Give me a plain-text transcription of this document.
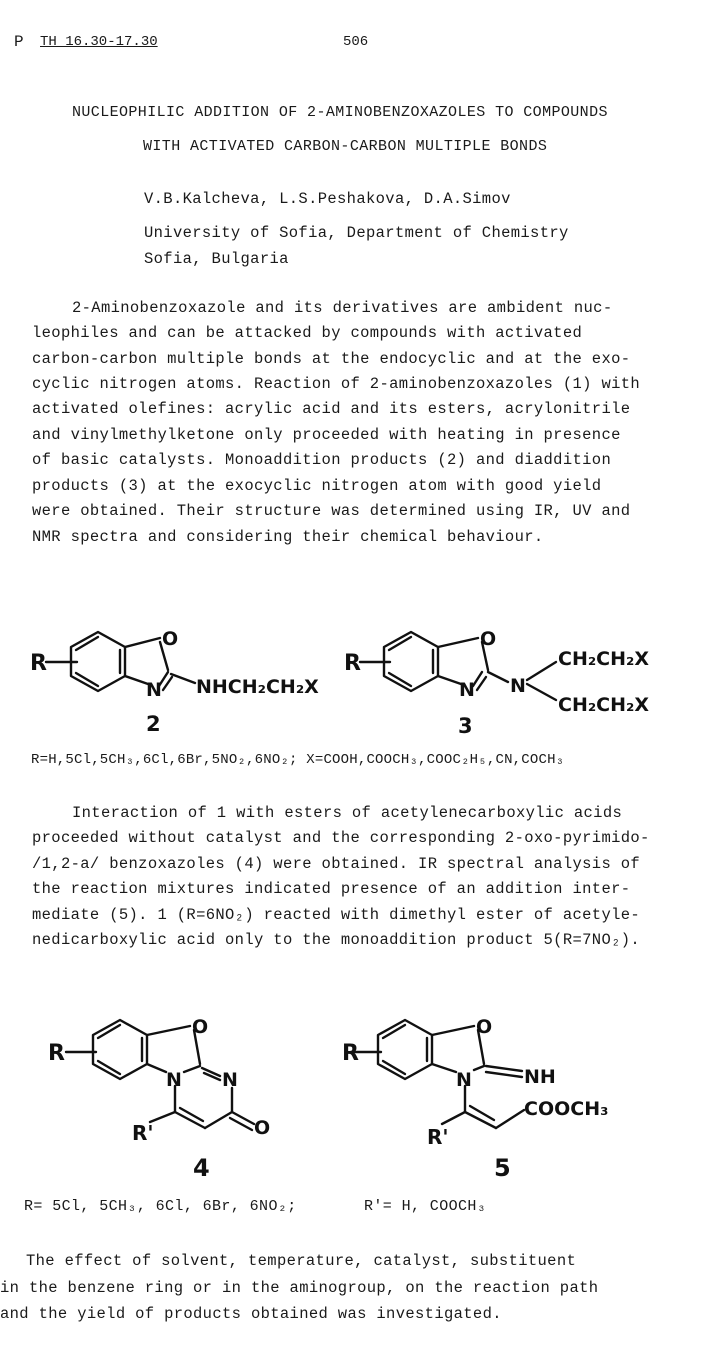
P TH 16.30-17.30	506
NUCLEOPHILIC ADDITION OF 2-AMINOBENZOXAZOLES TO COMPOUNDS
WITH ACTIVATED CARBON-CARBON MULTIPLE BONDS
V.B.Kalcheva, L.S.Peshakova, D.A.Simov
University of Sofia, Department of Chemistry
Sofia, Bulgaria
2-Aminobenzoxazole and its derivatives are ambident nuc-
leophiles and can be attacked by compounds with activated
carbon-carbon multiple bonds at the endocyclic and at the exo-
cyclic nitrogen atoms. Reaction of 2-aminobenzoxazoles (1) with
activated olefines: acrylic acid and its esters, acrylonitrile
and vinylmethylketone only proceeded with heating in presence
of basic catalysts. Monoaddition products (2) and diaddition
products (3) at the exocyclic nitrogen atom with good yield
were obtained. Their structure was determined using IR, UV and
NMR spectra and considering their chemical behaviour.
R
O
N NHCH₂CH₂X
2
R
O
N N
CH₂CH₂X
CH₂CH₂X
3
R=H,5Cl,5CH₃,6Cl,6Br,5NO₂,6NO₂; X=COOH,COOCH₃,COOC₂H₅,CN,COCH₃
Interaction of 1 with esters of acetylenecarboxylic acids
proceeded without catalyst and the corresponding 2-oxo-pyrimido-
/1,2-a/ benzoxazoles (4) were obtained. IR spectral analysis of
the reaction mixtures indicated presence of an addition inter-
mediate (5). 1 (R=6NO₂) reacted with dimethyl ester of acetyle-
nedicarboxylic acid only to the monoaddition product 5(R=7NO₂).
R
O
N N
O
R'
4
R
O
N	NH
COOCH₃
R'
5
R= 5Cl, 5CH₃, 6Cl, 6Br, 6NO₂;	R'= H, COOCH₃
The effect of solvent, temperature, catalyst, substituent
in the benzene ring or in the aminogroup, on the reaction path
and the yield of products obtained was investigated.
